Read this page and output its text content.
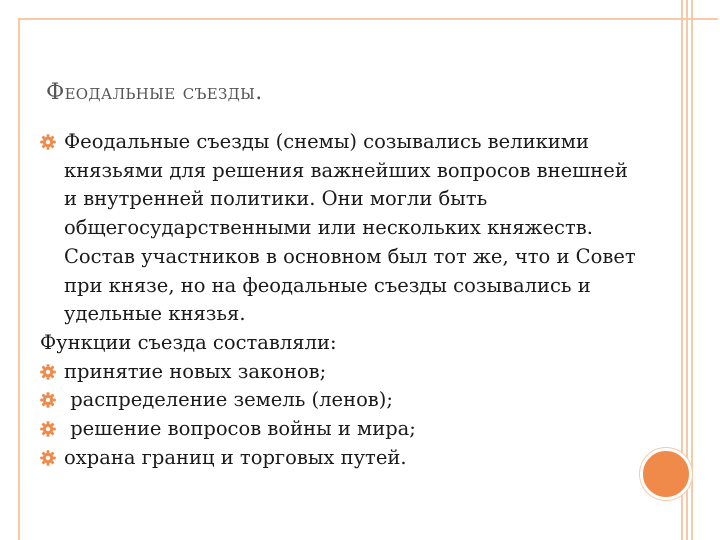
Феодальные съезды.
Феодальные съезды (снемы) созывались великими князьями для решения важнейших вопросов внешней и внутренней политики. Они могли быть общегосударственными или нескольких княжеств. Состав участников в основном был тот же, что и Совет при князе, но на феодальные съезды созывались и удельные князья.
Функции съезда составляли:
принятие новых законов;
распределение земель (ленов);
решение вопросов войны и мира;
охрана границ и торговых путей.
